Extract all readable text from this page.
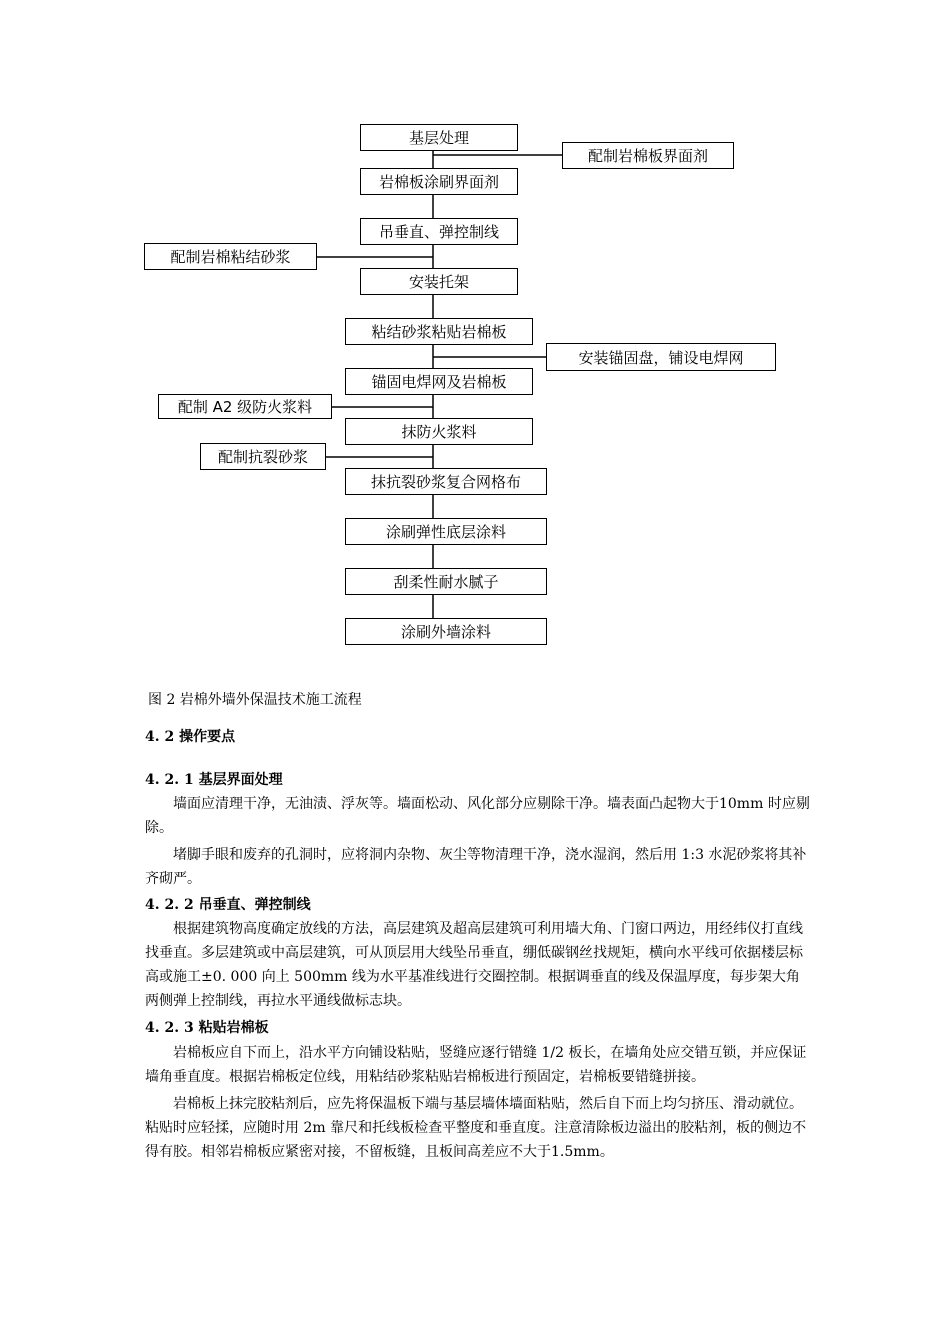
基层处理
岩棉板涂刷界面剂
吊垂直、弹控制线
安装托架
粘结砂浆粘贴岩棉板
锚固电焊网及岩棉板
抹防火浆料
抹抗裂砂浆复合网格布
涂刷弹性底层涂料
刮柔性耐水腻子
涂刷外墙涂料
配制岩棉板界面剂
配制岩棉粘结砂浆
安装锚固盘，铺设电焊网
配制 A2 级防火浆料
配制抗裂砂浆
图 2 岩棉外墙外保温技术施工流程
4. 2 操作要点
4. 2. 1 基层界面处理

墙面应清理干净，无油渍、浮灰等。墙面松动、风化部分应剔除干净。墙表面凸起物大于10mm 时应剔除。

堵脚手眼和废弃的孔洞时，应将洞内杂物、灰尘等物清理干净，浇水湿润，然后用 1:3 水泥砂浆将其补齐砌严。

4. 2. 2 吊垂直、弹控制线

根据建筑物高度确定放线的方法，高层建筑及超高层建筑可利用墙大角、门窗口两边，用经纬仪打直线找垂直。多层建筑或中高层建筑，可从顶层用大线坠吊垂直，绷低碳钢丝找规矩，横向水平线可依据楼层标高或施工±0. 000 向上 500mm 线为水平基准线进行交圈控制。根据调垂直的线及保温厚度，每步架大角两侧弹上控制线，再拉水平通线做标志块。

4. 2. 3 粘贴岩棉板

岩棉板应自下而上，沿水平方向铺设粘贴，竖缝应逐行错缝 1/2 板长，在墙角处应交错互锁，并应保证墙角垂直度。根据岩棉板定位线，用粘结砂浆粘贴岩棉板进行预固定，岩棉板要错缝拼接。

岩棉板上抹完胶粘剂后，应先将保温板下端与基层墙体墙面粘贴，然后自下而上均匀挤压、滑动就位。粘贴时应轻揉，应随时用 2m 靠尺和托线板检查平整度和垂直度。注意清除板边溢出的胶粘剂，板的侧边不得有胶。相邻岩棉板应紧密对接，不留板缝，且板间高差应不大于1.5mm。
